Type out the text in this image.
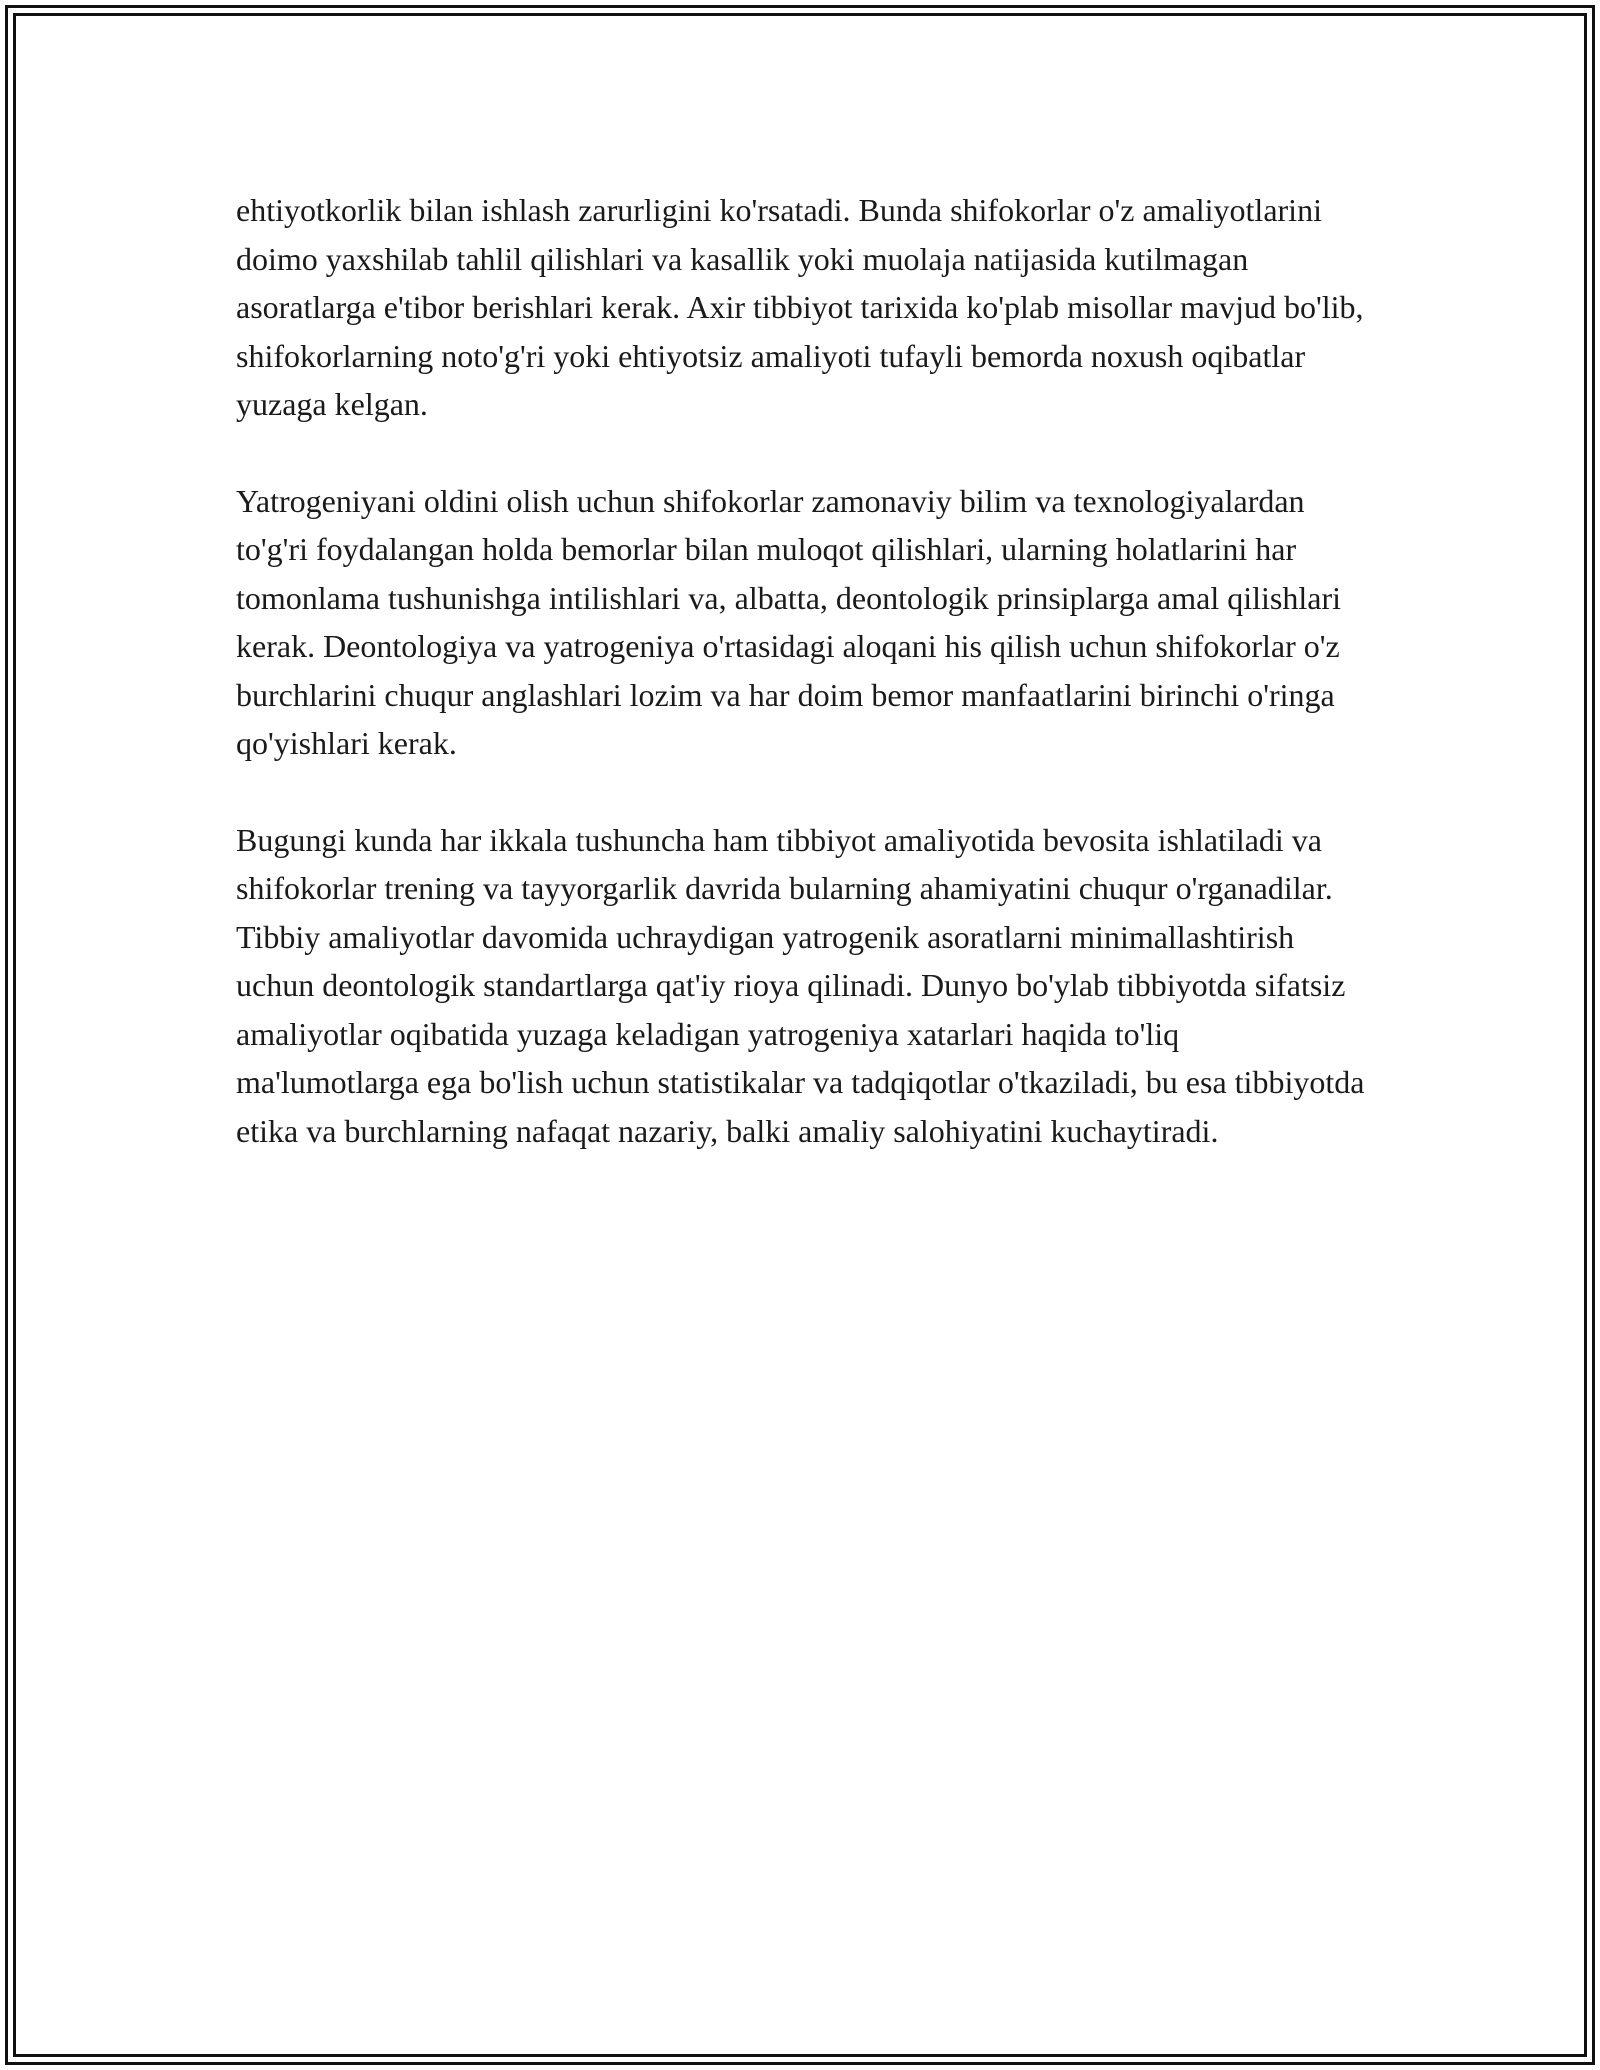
ehtiyotkorlik bilan ishlash zarurligini ko'rsatadi. Bunda shifokorlar o'z amaliyotlarini doimo yaxshilab tahlil qilishlari va kasallik yoki muolaja natijasida kutilmagan asoratlarga e'tibor berishlari kerak. Axir tibbiyot tarixida ko'plab misollar mavjud bo'lib, shifokorlarning noto'g'ri yoki ehtiyotsiz amaliyoti tufayli bemorda noxush oqibatlar yuzaga kelgan.

Yatrogeniyani oldini olish uchun shifokorlar zamonaviy bilim va texnologiyalardan to'g'ri foydalangan holda bemorlar bilan muloqot qilishlari, ularning holatlarini har tomonlama tushunishga intilishlari va, albatta, deontologik prinsiplarga amal qilishlari kerak. Deontologiya va yatrogeniya o'rtasidagi aloqani his qilish uchun shifokorlar o'z burchlarini chuqur anglashlari lozim va har doim bemor manfaatlarini birinchi o'ringa qo'yishlari kerak.

Bugungi kunda har ikkala tushuncha ham tibbiyot amaliyotida bevosita ishlatiladi va shifokorlar trening va tayyorgarlik davrida bularning ahamiyatini chuqur o'rganadilar. Tibbiy amaliyotlar davomida uchraydigan yatrogenik asoratlarni minimallashtirish uchun deontologik standartlarga qat'iy rioya qilinadi. Dunyo bo'ylab tibbiyotda sifatsiz amaliyotlar oqibatida yuzaga keladigan yatrogeniya xatarlari haqida to'liq ma'lumotlarga ega bo'lish uchun statistikalar va tadqiqotlar o'tkaziladi, bu esa tibbiyotda etika va burchlarning nafaqat nazariy, balki amaliy salohiyatini kuchaytiradi.
